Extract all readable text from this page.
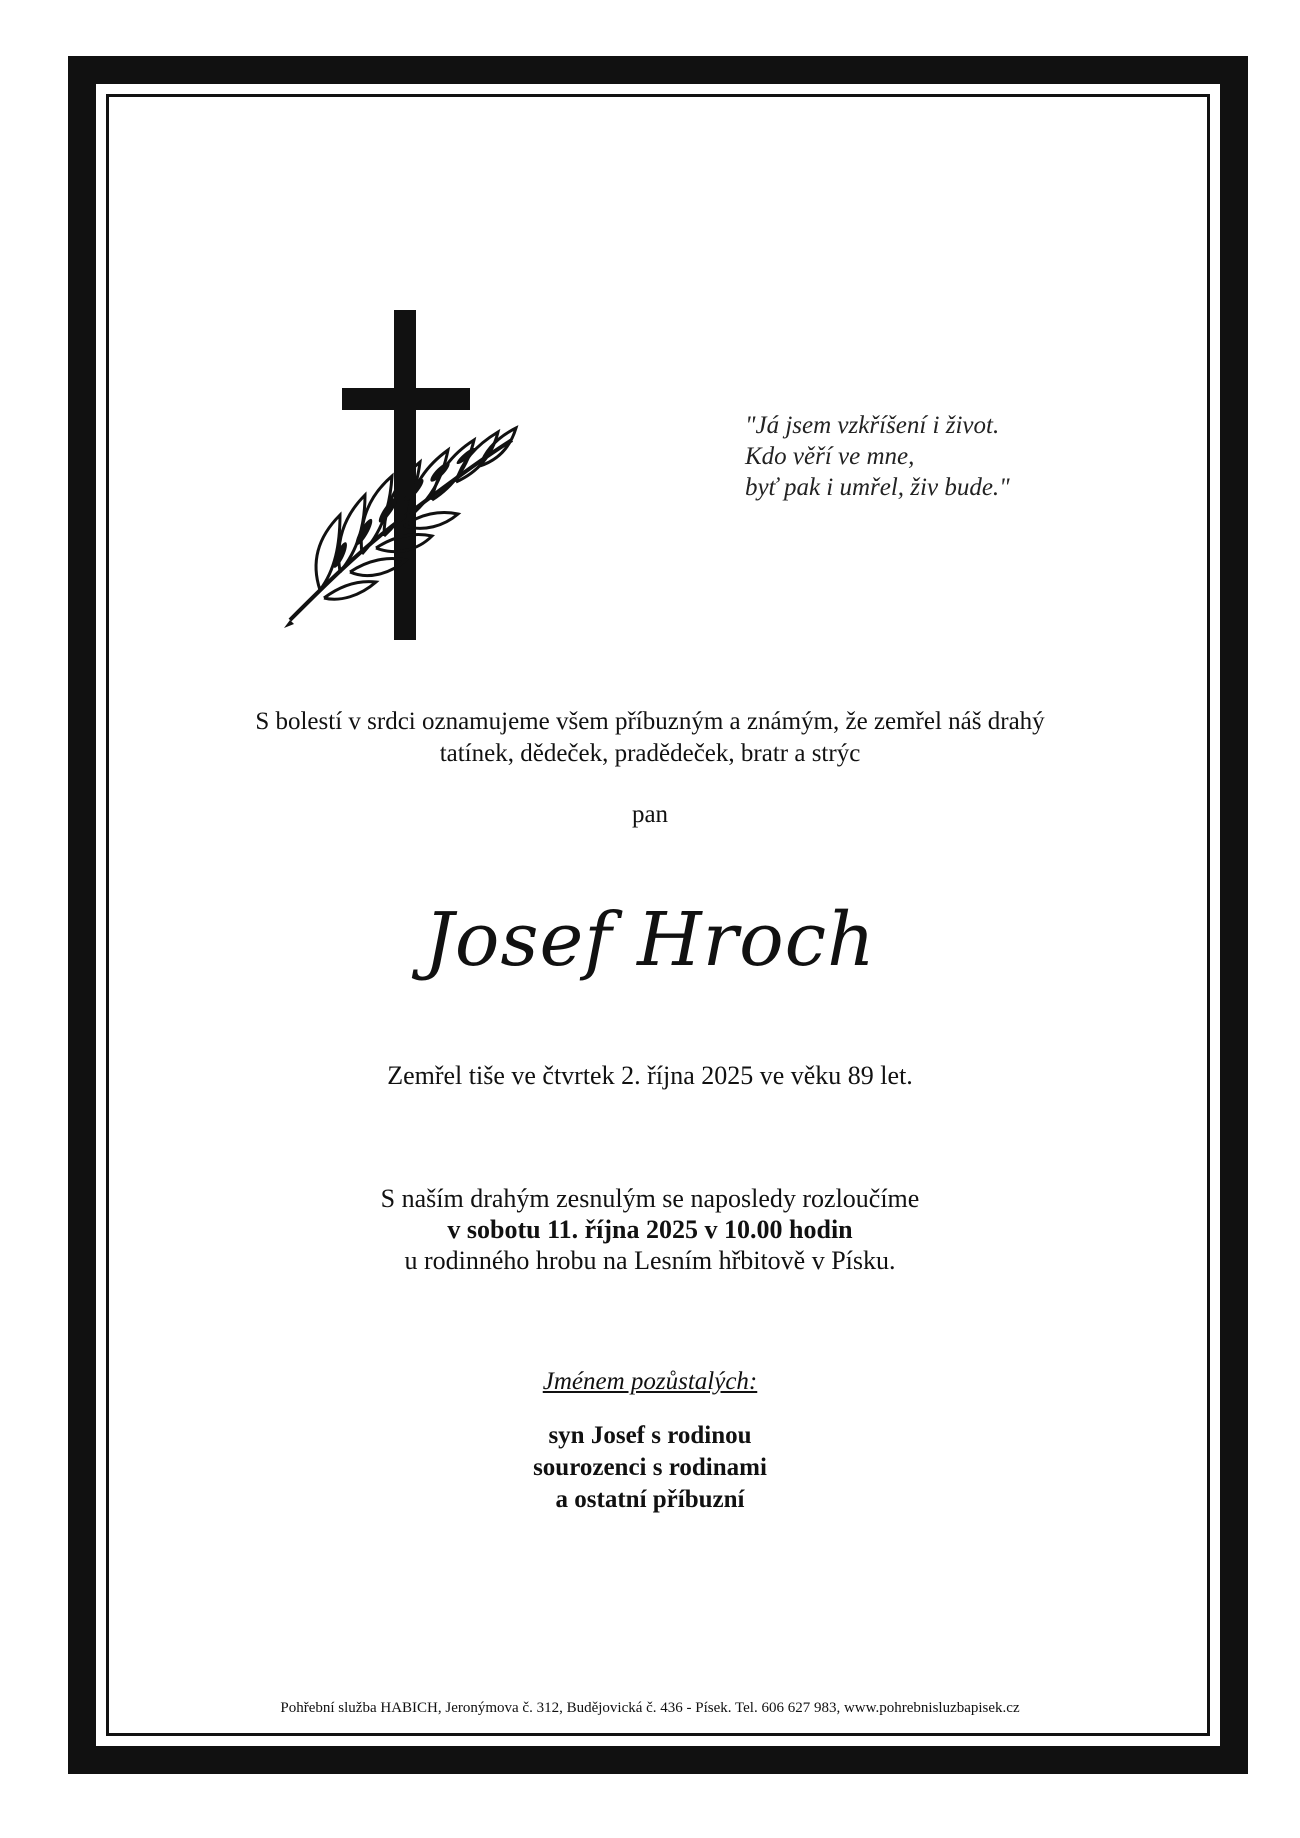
"Já jsem vzkříšení i život.
Kdo věří ve mne,
byť pak i umřel, živ bude."
S bolestí v srdci oznamujeme všem příbuzným a známým, že zemřel náš drahý
tatínek, dědeček, pradědeček, bratr a strýc
pan
Josef Hroch
Zemřel tiše ve čtvrtek 2. října 2025 ve věku 89 let.
S naším drahým zesnulým se naposledy rozloučíme
v sobotu 11. října 2025 v 10.00 hodin
u rodinného hrobu na Lesním hřbitově v Písku.
Jménem pozůstalých:
syn Josef s rodinou
sourozenci s rodinami
a ostatní příbuzní
Pohřební služba HABICH, Jeronýmova č. 312, Budějovická č. 436 - Písek. Tel. 606 627 983, www.pohrebnisluzbapisek.cz
